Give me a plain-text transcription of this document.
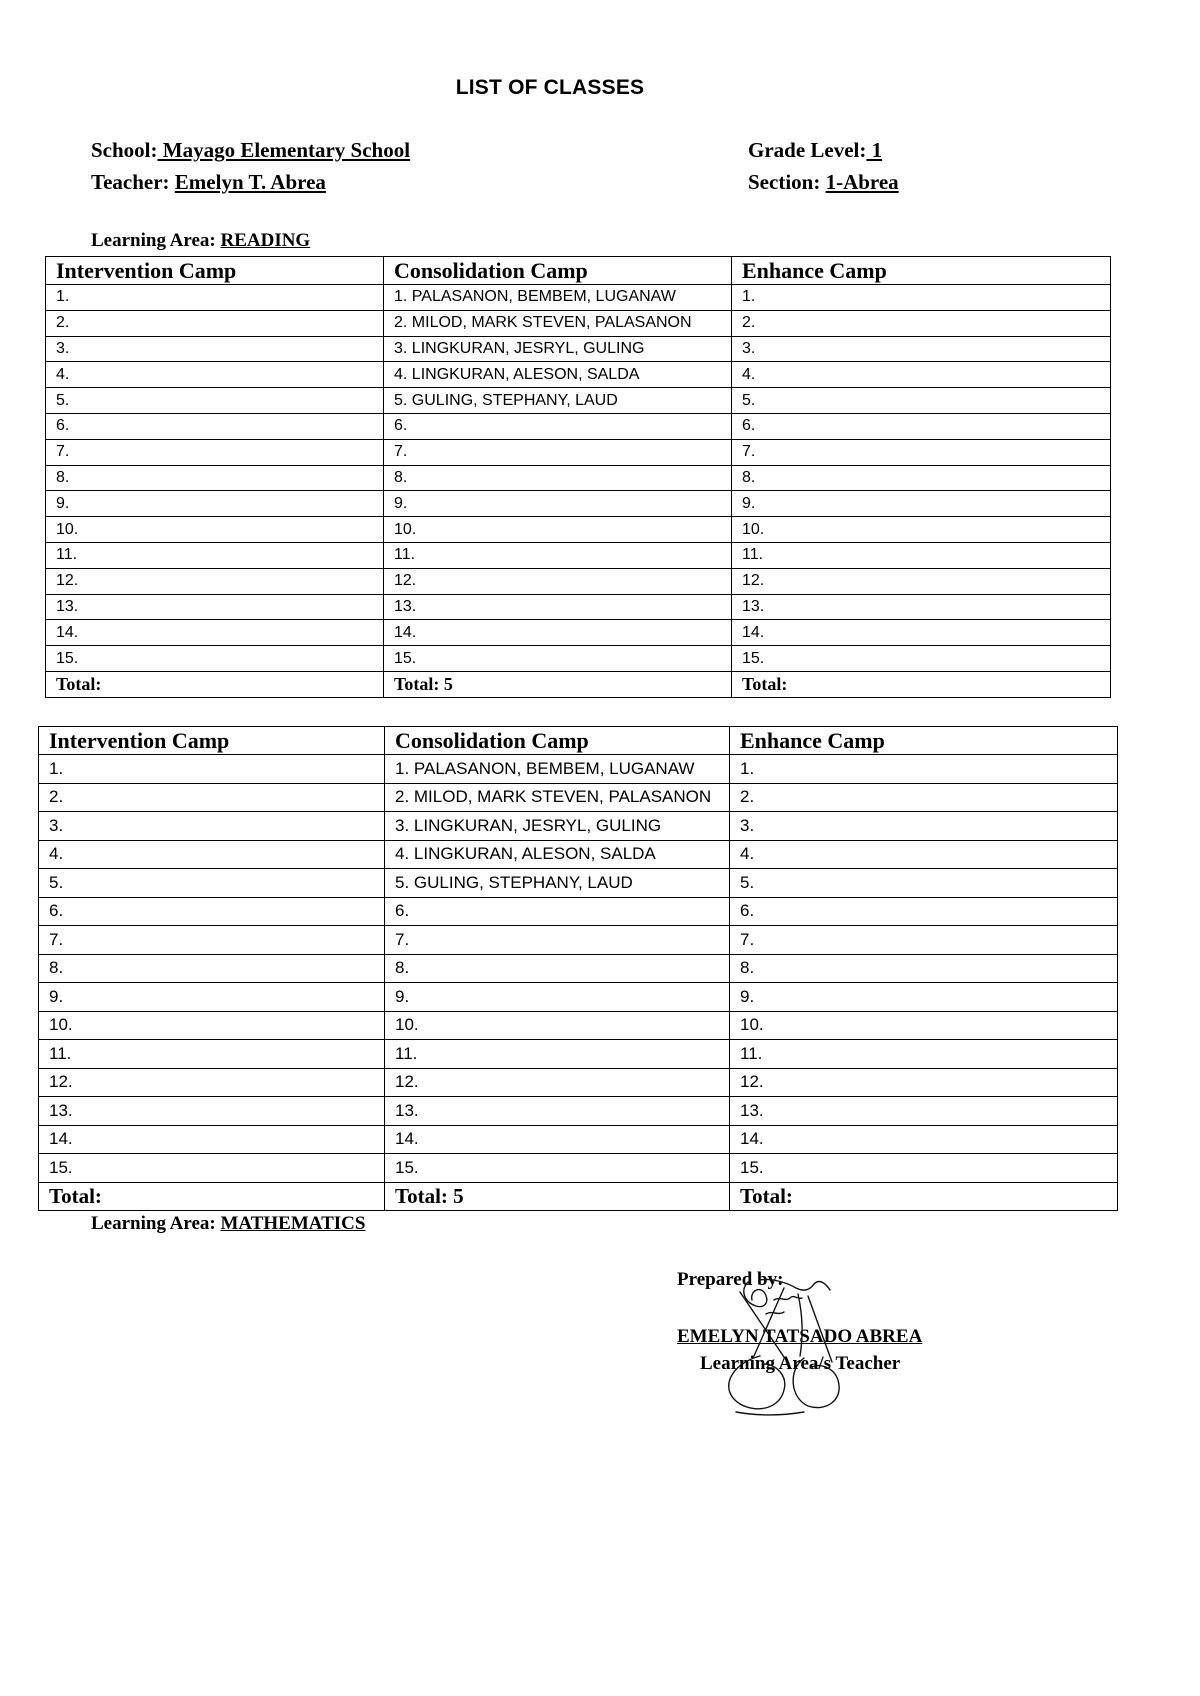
LIST OF CLASSES
School: Mayago Elementary School
Teacher: Emelyn T. Abrea
Grade Level: 1
Section: 1-Abrea
Learning Area: READING
Intervention Camp	Consolidation Camp	Enhance Camp
1.	1. PALASANON, BEMBEM, LUGANAW	1.
2.	2. MILOD, MARK STEVEN, PALASANON	2.
3.	3. LINGKURAN, JESRYL, GULING	3.
4.	4. LINGKURAN, ALESON, SALDA	4.
5.	5. GULING, STEPHANY, LAUD	5.
6.	6.	6.
7.	7.	7.
8.	8.	8.
9.	9.	9.
10.	10.	10.
11.	11.	11.
12.	12.	12.
13.	13.	13.
14.	14.	14.
15.	15.	15.
Total:	Total: 5	Total:
Intervention Camp	Consolidation Camp	Enhance Camp
1.	1. PALASANON, BEMBEM, LUGANAW	1.
2.	2. MILOD, MARK STEVEN, PALASANON	2.
3.	3. LINGKURAN, JESRYL, GULING	3.
4.	4. LINGKURAN, ALESON, SALDA	4.
5.	5. GULING, STEPHANY, LAUD	5.
6.	6.	6.
7.	7.	7.
8.	8.	8.
9.	9.	9.
10.	10.	10.
11.	11.	11.
12.	12.	12.
13.	13.	13.
14.	14.	14.
15.	15.	15.
Total:	Total: 5	Total:
Learning Area: MATHEMATICS
Prepared by:
EMELYN TATSADO ABREA
Learning Area/s Teacher
